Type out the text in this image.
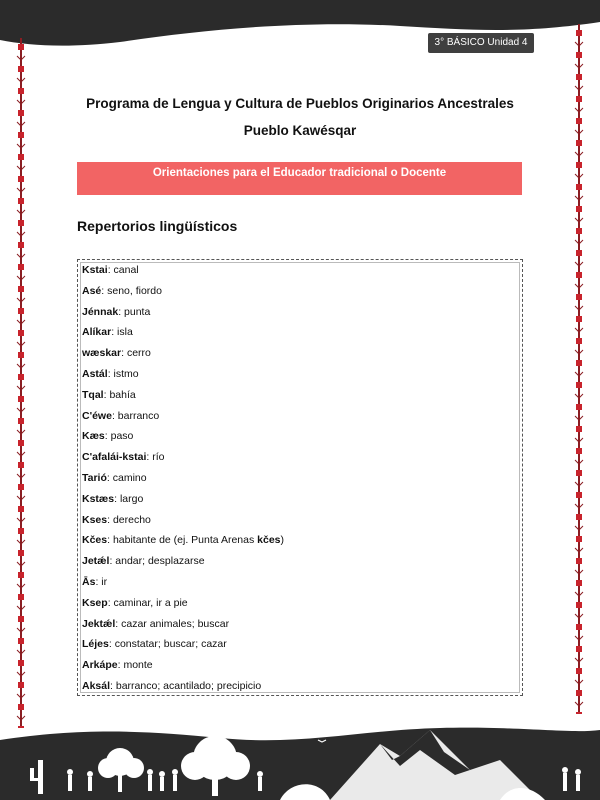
3° BÁSICO Unidad 4
Programa de Lengua y Cultura de Pueblos Originarios Ancestrales
Pueblo Kawésqar
Orientaciones para el Educador tradicional o Docente
Repertorios lingüísticos
Kstai: canal
Asé: seno, fiordo
Jénnak: punta
Alíkar: isla
wæskar: cerro
Astál: istmo
Tqal: bahía
C'éwe: barranco
Kæs: paso
C'afaláі-kstai: río
Tarió: camino
Kstæs: largo
Kses: derecho
Kčes: habitante de (ej. Punta Arenas kčes)
Jetǽl: andar; desplazarse
Ās: ir
Ksep: caminar, ir a pie
Jektǽl: cazar animales; buscar
Léjes: constatar; buscar; cazar
Arkápe: monte
Aksál: barranco; acantilado; precipicio
